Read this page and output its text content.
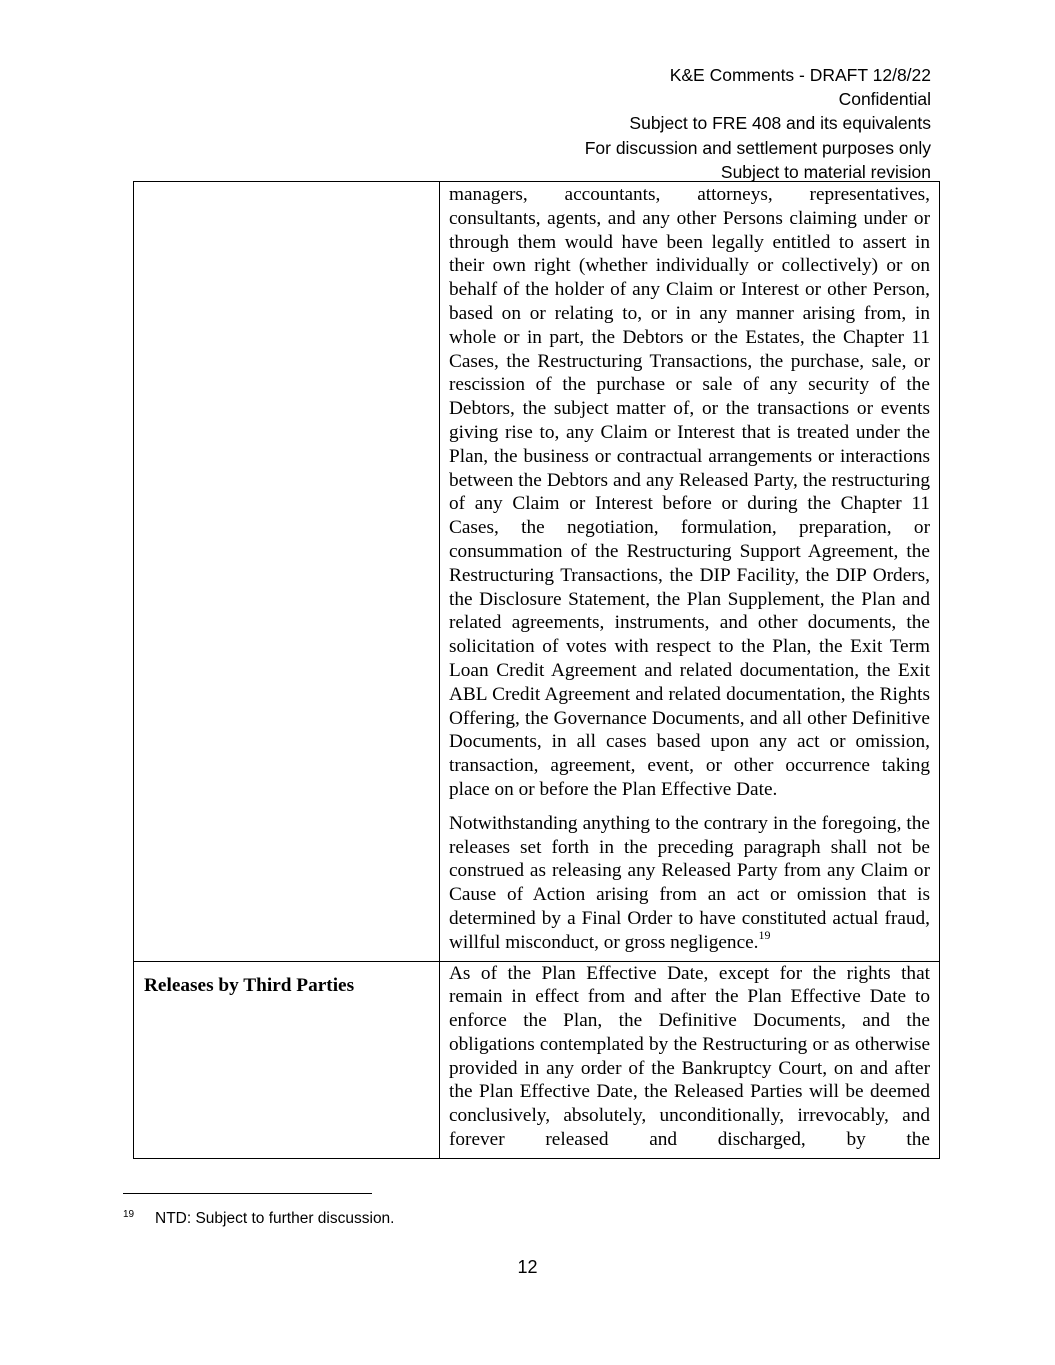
K&E Comments - DRAFT 12/8/22
Confidential
Subject to FRE 408 and its equivalents
For discussion and settlement purposes only
Subject to material revision

	managers, accountants, attorneys, representatives, consultants, agents, and any other Persons claiming under or through them would have been legally entitled to assert in their own right (whether individually or collectively) or on behalf of the holder of any Claim or Interest or other Person, based on or relating to, or in any manner arising from, in whole or in part, the Debtors or the Estates, the Chapter 11 Cases, the Restructuring Transactions, the purchase, sale, or rescission of the purchase or sale of any security of the Debtors, the subject matter of, or the transactions or events giving rise to, any Claim or Interest that is treated under the Plan, the business or contractual arrangements or interactions between the Debtors and any Released Party, the restructuring of any Claim or Interest before or during the Chapter 11 Cases, the negotiation, formulation, preparation, or consummation of the Restructuring Support Agreement, the Restructuring Transactions, the DIP Facility, the DIP Orders, the Disclosure Statement, the Plan Supplement, the Plan and related agreements, instruments, and other documents, the solicitation of votes with respect to the Plan, the Exit Term Loan Credit Agreement and related documentation, the Exit ABL Credit Agreement and related documentation, the Rights Offering, the Governance Documents, and all other Definitive Documents, in all cases based upon any act or omission, transaction, agreement, event, or other occurrence taking place on or before the Plan Effective Date.

Notwithstanding anything to the contrary in the foregoing, the releases set forth in the preceding paragraph shall not be construed as releasing any Released Party from any Claim or Cause of Action arising from an act or omission that is determined by a Final Order to have constituted actual fraud, willful misconduct, or gross negligence.$^{19}$

Releases by Third Parties	As of the Plan Effective Date, except for the rights that remain in effect from and after the Plan Effective Date to enforce the Plan, the Definitive Documents, and the obligations contemplated by the Restructuring or as otherwise provided in any order of the Bankruptcy Court, on and after the Plan Effective Date, the Released Parties will be deemed conclusively, absolutely, unconditionally, irrevocably, and forever released and discharged, by the

19 NTD: Subject to further discussion.
12
